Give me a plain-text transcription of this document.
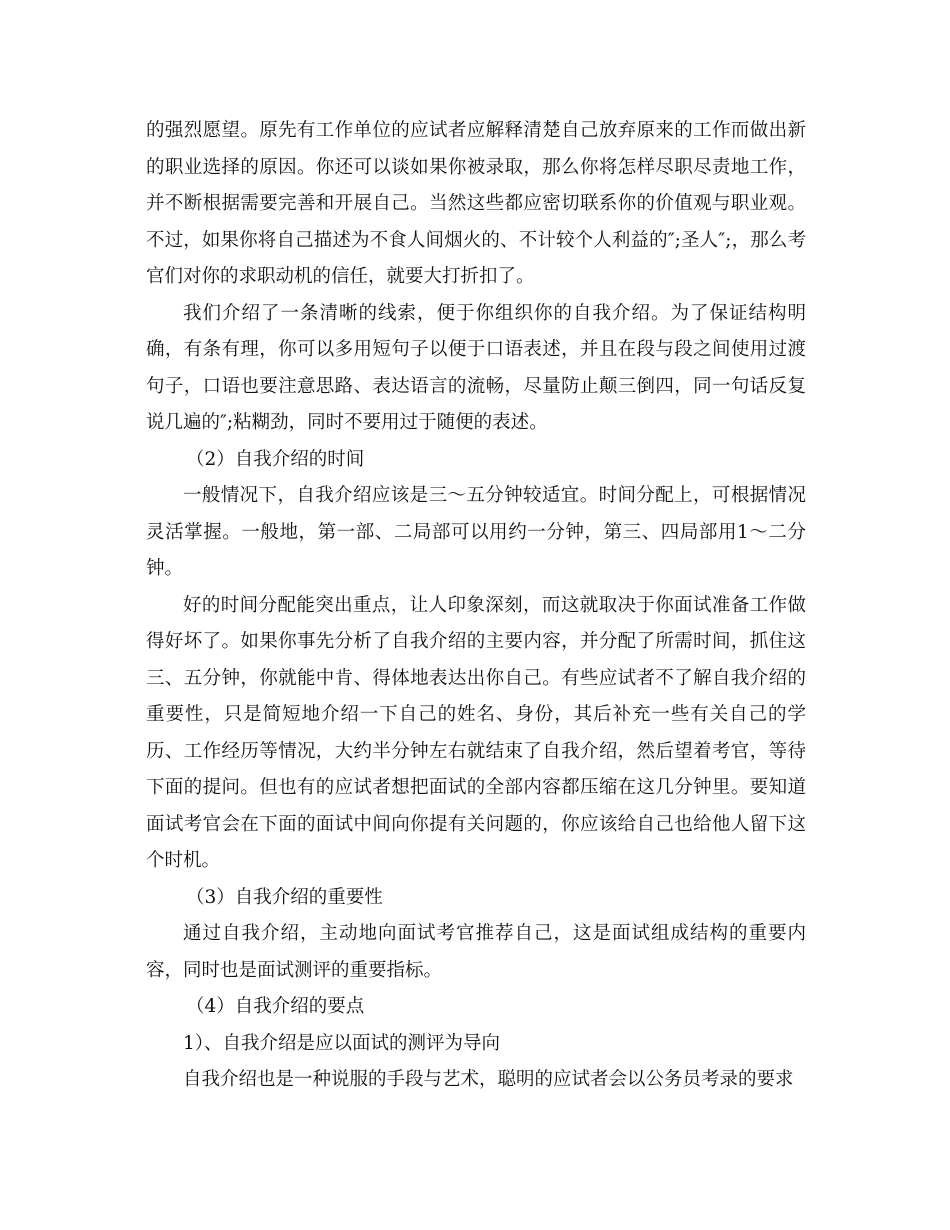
的强烈愿望。原先有工作单位的应试者应解释清楚自己放弃原来的工作而做出新的职业选择的原因。你还可以谈如果你被录取，那么你将怎样尽职尽责地工作，并不断根据需要完善和开展自己。当然这些都应密切联系你的价值观与职业观。不过，如果你将自己描述为不食人间烟火的、不计较个人利益的″;圣人″;，那么考官们对你的求职动机的信任，就要大打折扣了。

我们介绍了一条清晰的线索，便于你组织你的自我介绍。为了保证结构明确，有条有理，你可以多用短句子以便于口语表述，并且在段与段之间使用过渡句子，口语也要注意思路、表达语言的流畅，尽量防止颠三倒四，同一句话反复说几遍的″;粘糊劲，同时不要用过于随便的表述。

（2）自我介绍的时间

一般情况下，自我介绍应该是三～五分钟较适宜。时间分配上，可根据情况灵活掌握。一般地，第一部、二局部可以用约一分钟，第三、四局部用1～二分钟。

好的时间分配能突出重点，让人印象深刻，而这就取决于你面试准备工作做得好坏了。如果你事先分析了自我介绍的主要内容，并分配了所需时间，抓住这三、五分钟，你就能中肯、得体地表达出你自己。有些应试者不了解自我介绍的重要性，只是简短地介绍一下自己的姓名、身份，其后补充一些有关自己的学历、工作经历等情况，大约半分钟左右就结束了自我介绍，然后望着考官，等待下面的提问。但也有的应试者想把面试的全部内容都压缩在这几分钟里。要知道面试考官会在下面的面试中间向你提有关问题的，你应该给自己也给他人留下这个时机。

（3）自我介绍的重要性

通过自我介绍，主动地向面试考官推荐自己，这是面试组成结构的重要内容，同时也是面试测评的重要指标。

（4）自我介绍的要点

1）、自我介绍是应以面试的测评为导向

自我介绍也是一种说服的手段与艺术，聪明的应试者会以公务员考录的要求
